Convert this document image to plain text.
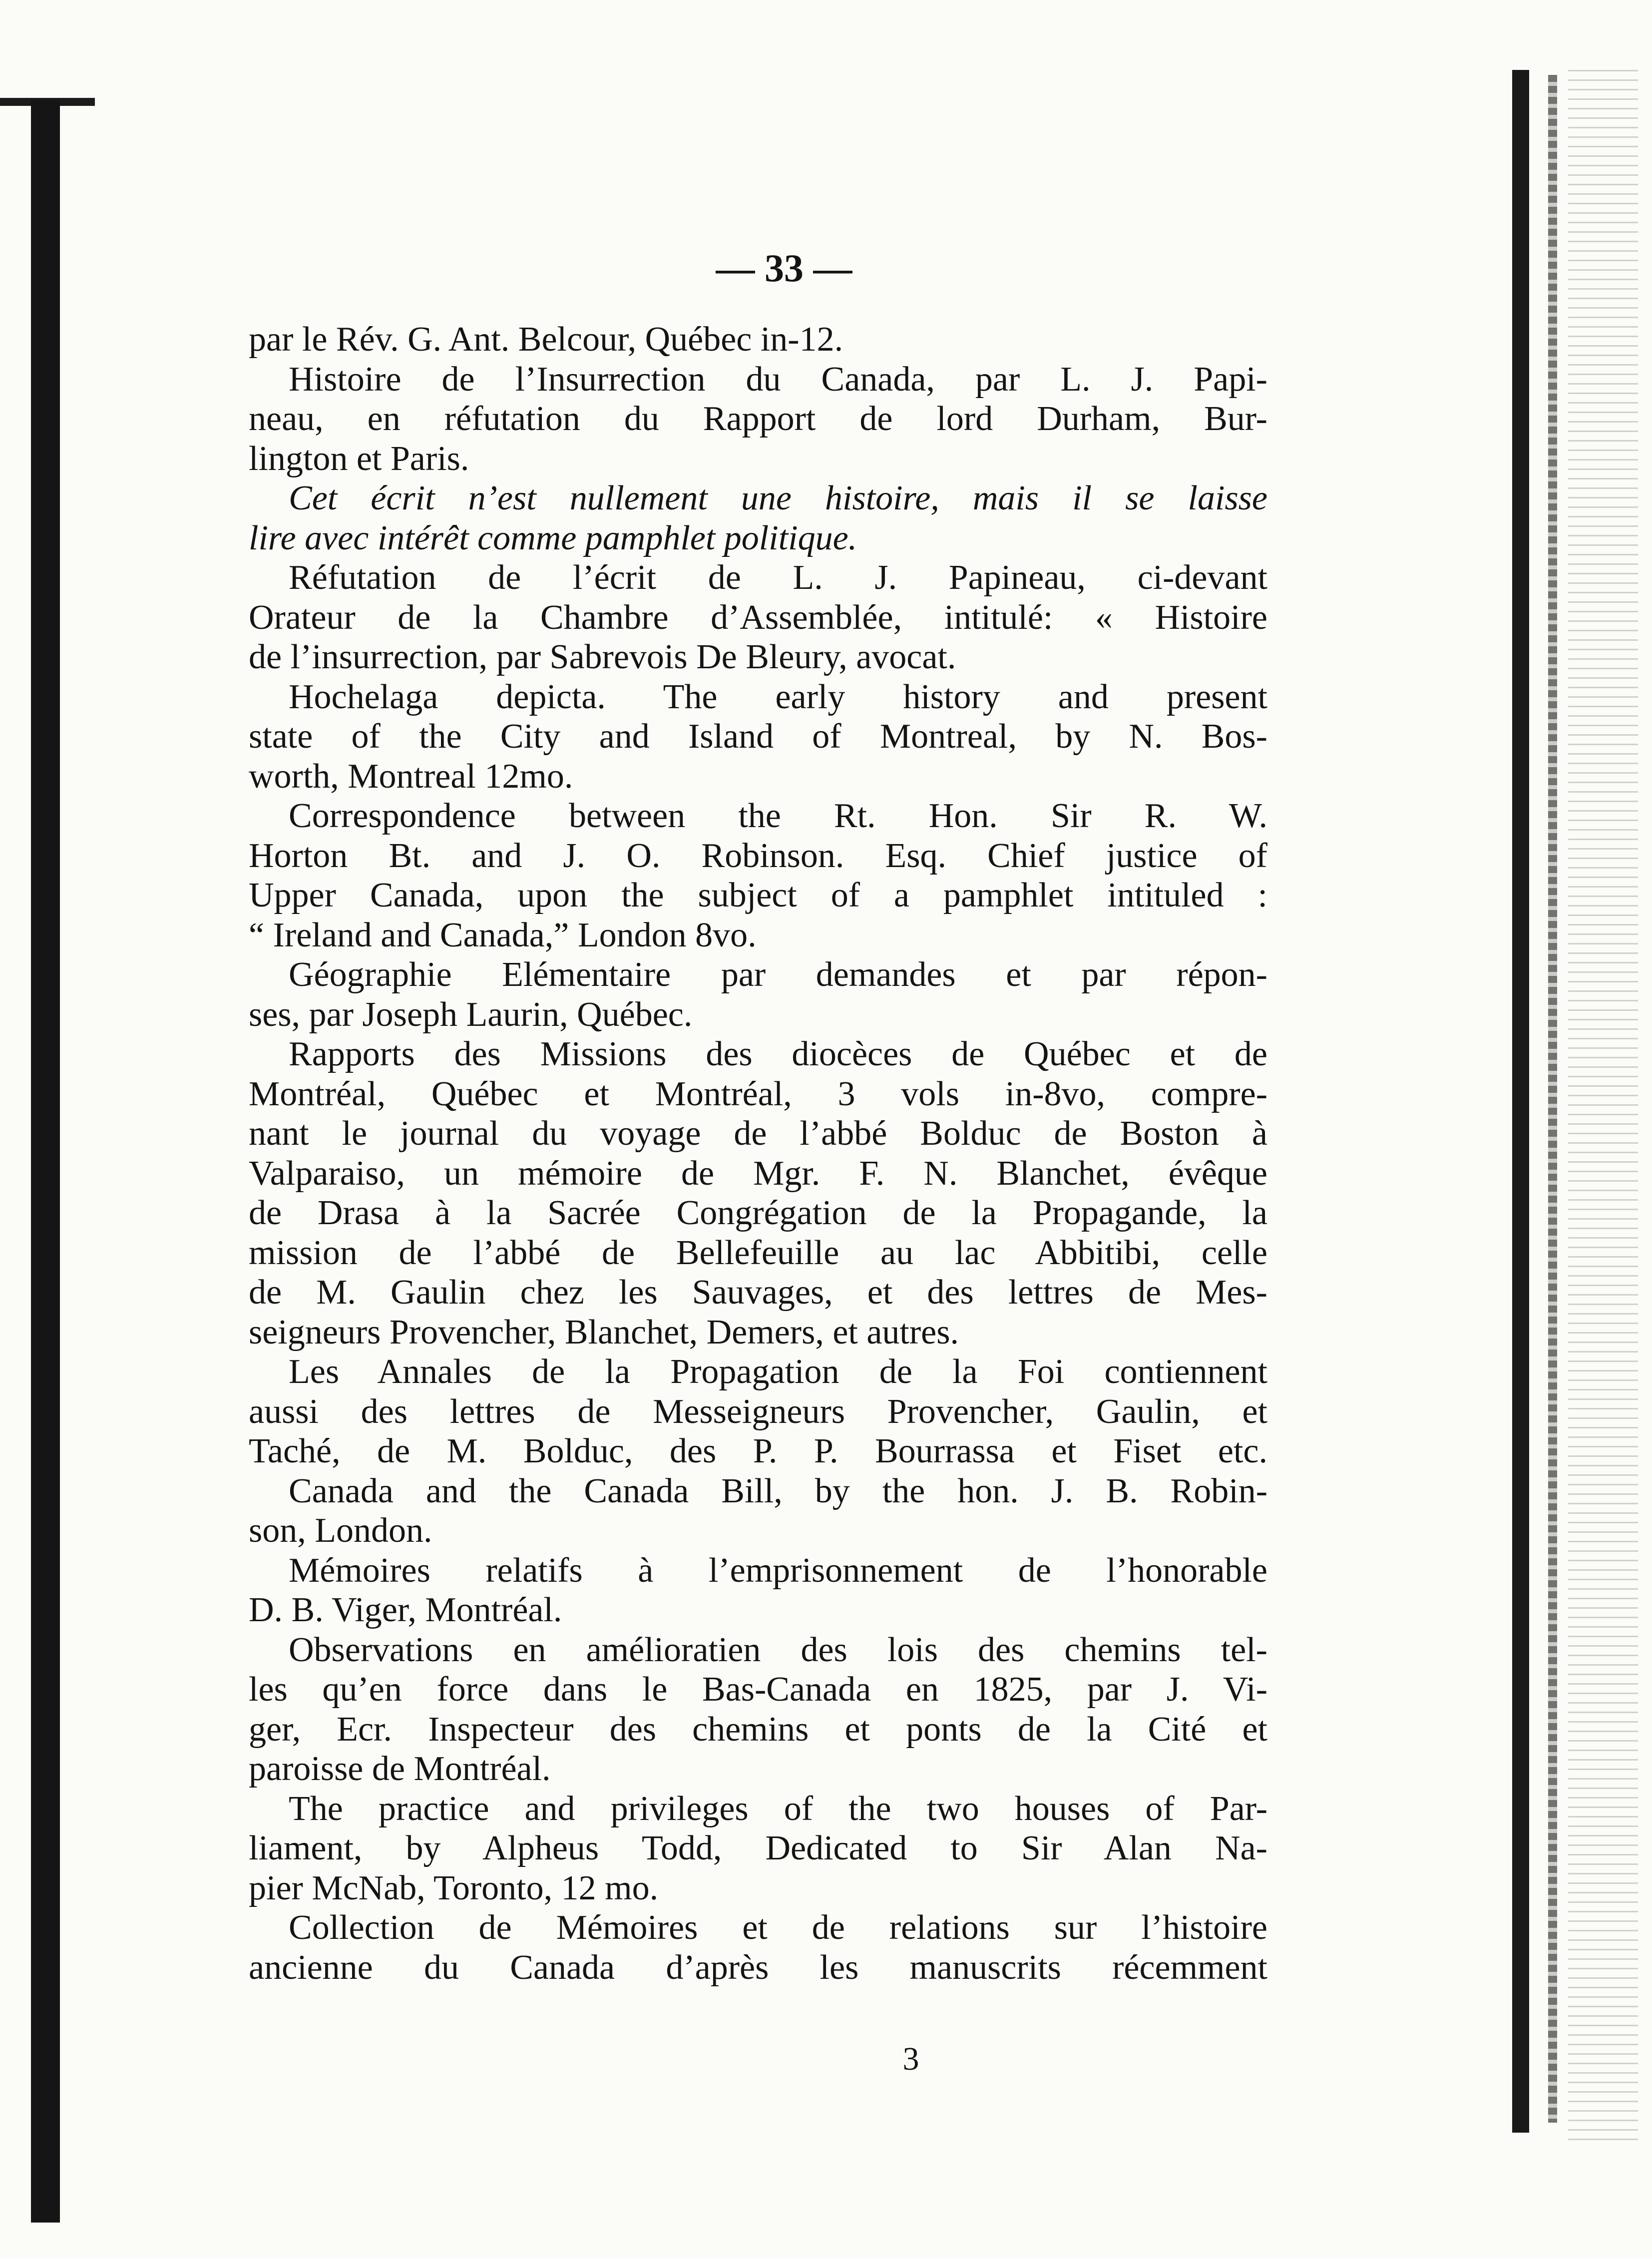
— 33 —
par le Rév. G. Ant. Belcour, Québec in-12.
Histoire de l’Insurrection du Canada, par L. J. Papi-
neau, en réfutation du Rapport de lord Durham, Bur-
lington et Paris.
Cet écrit n’est nullement une histoire, mais il se laisse
lire avec intérêt comme pamphlet politique.
Réfutation de l’écrit de L. J. Papineau, ci-devant
Orateur de la Chambre d’Assemblée, intitulé: « Histoire
de l’insurrection, par Sabrevois De Bleury, avocat.
Hochelaga depicta. The early history and present
state of the City and Island of Montreal, by N. Bos-
worth, Montreal 12mo.
Correspondence between the Rt. Hon. Sir R. W.
Horton Bt. and J. O. Robinson. Esq. Chief justice of
Upper Canada, upon the subject of a pamphlet intituled :
“ Ireland and Canada,” London 8vo.
Géographie Elémentaire par demandes et par répon-
ses, par Joseph Laurin, Québec.
Rapports des Missions des diocèces de Québec et de
Montréal, Québec et Montréal, 3 vols in-8vo, compre-
nant le journal du voyage de l’abbé Bolduc de Boston à
Valparaiso, un mémoire de Mgr. F. N. Blanchet, évêque
de Drasa à la Sacrée Congrégation de la Propagande, la
mission de l’abbé de Bellefeuille au lac Abbitibi, celle
de M. Gaulin chez les Sauvages, et des lettres de Mes-
seigneurs Provencher, Blanchet, Demers, et autres.
Les Annales de la Propagation de la Foi contiennent
aussi des lettres de Messeigneurs Provencher, Gaulin, et
Taché, de M. Bolduc, des P. P. Bourrassa et Fiset etc.
Canada and the Canada Bill, by the hon. J. B. Robin-
son, London.
Mémoires relatifs à l’emprisonnement de l’honorable
D. B. Viger, Montréal.
Observations en amélioratien des lois des chemins tel-
les qu’en force dans le Bas-Canada en 1825, par J. Vi-
ger, Ecr. Inspecteur des chemins et ponts de la Cité et
paroisse de Montréal.
The practice and privileges of the two houses of Par-
liament, by Alpheus Todd, Dedicated to Sir Alan Na-
pier McNab, Toronto, 12 mo.
Collection de Mémoires et de relations sur l’histoire
ancienne du Canada d’après les manuscrits récemment
3
